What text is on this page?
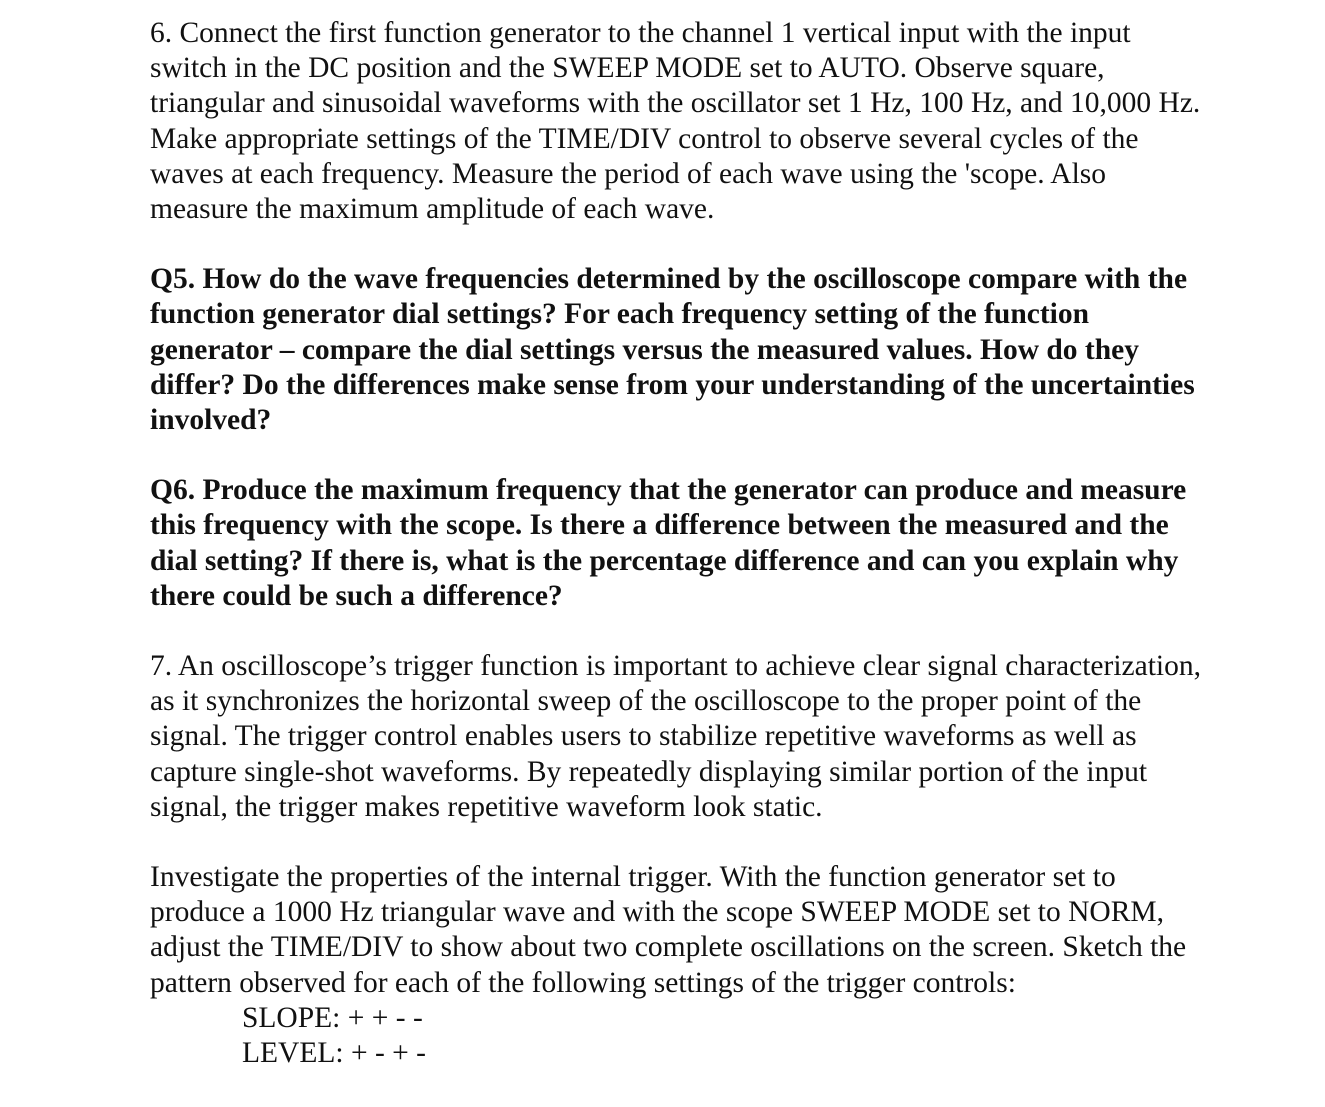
6. Connect the first function generator to the channel 1 vertical input with the input
switch in the DC position and the SWEEP MODE set to AUTO. Observe square,
triangular and sinusoidal waveforms with the oscillator set 1 Hz, 100 Hz, and 10,000 Hz.
Make appropriate settings of the TIME/DIV control to observe several cycles of the
waves at each frequency. Measure the period of each wave using the 'scope. Also
measure the maximum amplitude of each wave.
Q5. How do the wave frequencies determined by the oscilloscope compare with the
function generator dial settings? For each frequency setting of the function
generator – compare the dial settings versus the measured values. How do they
differ? Do the differences make sense from your understanding of the uncertainties
involved?
Q6. Produce the maximum frequency that the generator can produce and measure
this frequency with the scope. Is there a difference between the measured and the
dial setting? If there is, what is the percentage difference and can you explain why
there could be such a difference?
7. An oscilloscope’s trigger function is important to achieve clear signal characterization,
as it synchronizes the horizontal sweep of the oscilloscope to the proper point of the
signal. The trigger control enables users to stabilize repetitive waveforms as well as
capture single-shot waveforms. By repeatedly displaying similar portion of the input
signal, the trigger makes repetitive waveform look static.
Investigate the properties of the internal trigger. With the function generator set to
produce a 1000 Hz triangular wave and with the scope SWEEP MODE set to NORM,
adjust the TIME/DIV to show about two complete oscillations on the screen. Sketch the
pattern observed for each of the following settings of the trigger controls:
SLOPE: + + - -
LEVEL: + - + -
